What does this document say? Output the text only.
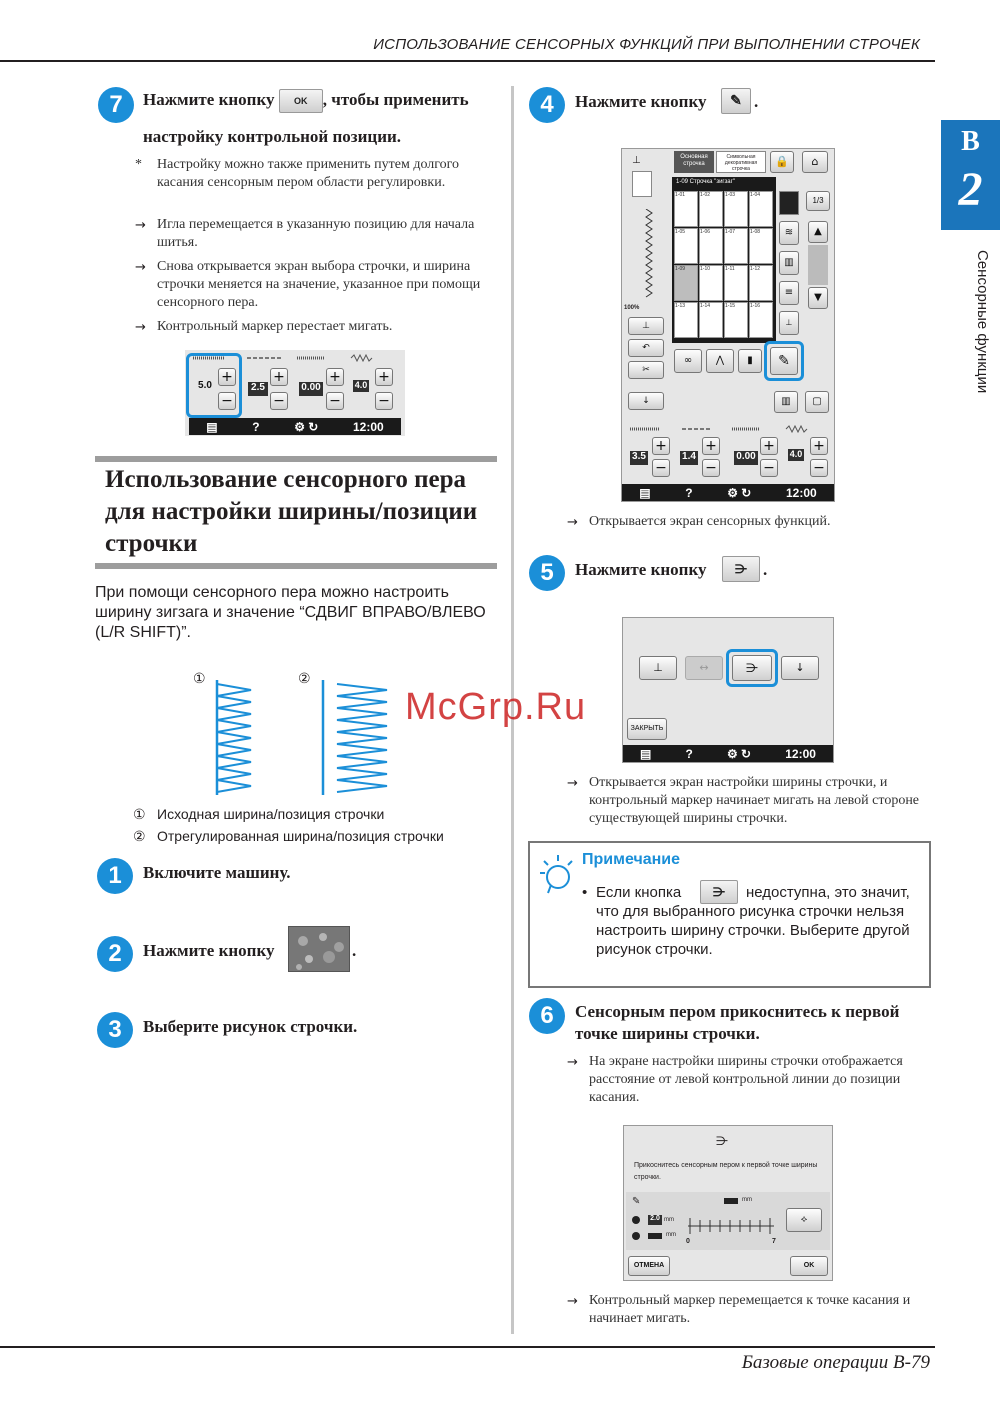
ИСПОЛЬЗОВАНИЕ СЕНСОРНЫХ ФУНКЦИЙ ПРИ ВЫПОЛНЕНИИ СТРОЧЕК
B
2
Сенсорные функции
7	Нажмите кнопку OK , чтобы применить
настройку контрольной позиции.
*	Настройку можно также применить путем долгого касания сенсорным пером области регулировки.
→ Игла перемещается в указанную позицию для начала шитья.
→ Снова открывается экран выбора строчки, и ширина строчки меняется на значение, указанное при помощи сенсорного пера.
→ Контрольный маркер перестает мигать.
5.0
+
−
2.5
+
−
0.00
+
−
4.0 +
−
▤	?	⚙ ↻	12:00
Использование сенсорного пера для настройки ширины/позиции строчки
При помощи сенсорного пера можно настроить ширину зигзага и значение “СДВИГ ВПРАВО/ВЛЕВО (L/R SHIFT)”.
①	②
① Исходная ширина/позиция строчки
② Отрегулированная ширина/позиция строчки
1	Включите машину.
2	Нажмите кнопку	.
3	Выберите рисунок строчки.
4	Нажмите кнопку	✎ .
⊥
100%
⊥
↶
✂
↓
Основная строчка
Символьная декоративная строчка
🔒	⌂
1-09 Строчка "зигзаг"
1-01	1-02	1-03	1-04
1-05	1-06	1-07	1-08
1-09	1-10	1-11	1-12
1-13	1-14	1-15	1-16
≋
▥
≡
⊥
1/3
▲
▼
∞	⋀	▮	✎
▥	▢
3.5
+
−
1.4
+
−
0.00
+
−
4.0 +
−
▤	?	⚙ ↻	12:00
→ Открывается экран сенсорных функций.
5	Нажмите кнопку	⋺ .
⊥	↔	⋺	↓
ЗАКРЫТЬ
▤	?	⚙ ↻	12:00
→ Открывается экран настройки ширины строчки, и контрольный маркер начинает мигать на левой стороне существующей ширины строчки.
Примечание
• Если кнопка	⋺	недоступна, это значит, что для выбранного рисунка строчки нельзя настроить ширину строчки. Выберите другой рисунок строчки.
6	Сенсорным пером прикоснитесь к первой точке ширины строчки.
→ На экране настройки ширины строчки отображается расстояние от левой контрольной линии до позиции касания.
⋺
Прикоснитесь сенсорным пером к первой точке ширины строчки.
✎	mm
2.0 mm
mm
0	7
⟡
ОТМЕНА	OK
→ Контрольный маркер перемещается к точке касания и начинает мигать.
McGrp.Ru
Базовые операции B-79
